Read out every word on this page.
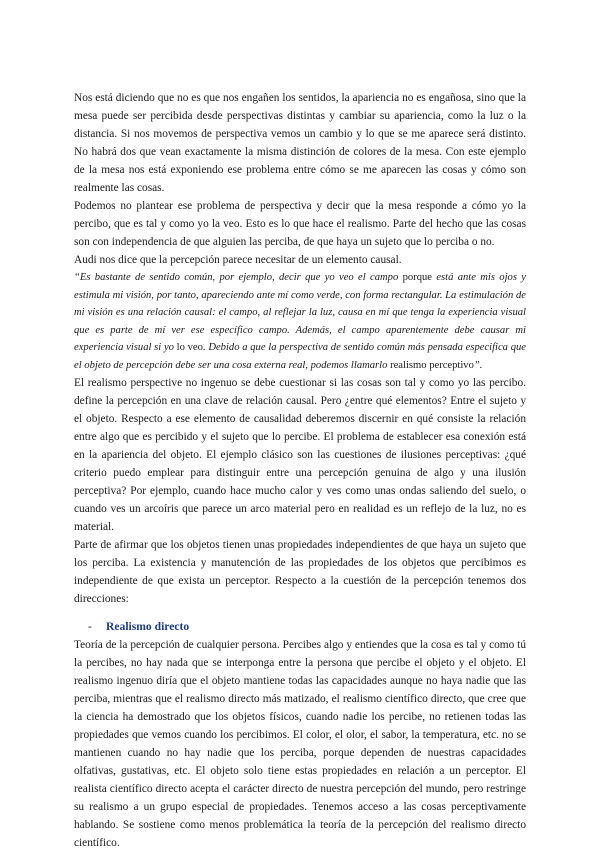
Nos está diciendo que no es que nos engañen los sentidos, la apariencia no es engañosa, sino que la mesa puede ser percibida desde perspectivas distintas y cambiar su apariencia, como la luz o la distancia. Si nos movemos de perspectiva vemos un cambio y lo que se me aparece será distinto. No habrá dos que vean exactamente la misma distinción de colores de la mesa. Con este ejemplo de la mesa nos está exponiendo ese problema entre cómo se me aparecen las cosas y cómo son realmente las cosas.

Podemos no plantear ese problema de perspectiva y decir que la mesa responde a cómo yo la percibo, que es tal y como yo la veo. Esto es lo que hace el realismo. Parte del hecho que las cosas son con independencia de que alguien las perciba, de que haya un sujeto que lo perciba o no.

Audi nos dice que la percepción parece necesitar de un elemento causal.

“Es bastante de sentido común, por ejemplo, decir que yo veo el campo porque está ante mis ojos y estimula mi visión, por tanto, apareciendo ante mí como verde, con forma rectangular. La estimulación de mi visión es una relación causal: el campo, al reflejar la luz, causa en mí que tenga la experiencia visual que es parte de mí ver ese específico campo. Además, el campo aparentemente debe causar mi experiencia visual si yo lo veo. Debido a que la perspectiva de sentido común más pensada especifica que el objeto de percepción debe ser una cosa externa real, podemos llamarlo realismo perceptivo”.

El realismo perspective no ingenuo se debe cuestionar si las cosas son tal y como yo las percibo. define la percepción en una clave de relación causal. Pero ¿entre qué elementos? Entre el sujeto y el objeto. Respecto a ese elemento de causalidad deberemos discernir en qué consiste la relación entre algo que es percibido y el sujeto que lo percibe. El problema de establecer esa conexión está en la apariencia del objeto. El ejemplo clásico son las cuestiones de ilusiones perceptivas: ¿qué criterio puedo emplear para distinguir entre una percepción genuina de algo y una ilusión perceptiva? Por ejemplo, cuando hace mucho calor y ves como unas ondas saliendo del suelo, o cuando ves un arcoíris que parece un arco material pero en realidad es un reflejo de la luz, no es material.

Parte de afirmar que los objetos tienen unas propiedades independientes de que haya un sujeto que los perciba. La existencia y manutención de las propiedades de los objetos que percibimos es independiente de que exista un perceptor. Respecto a la cuestión de la percepción tenemos dos direcciones:

-	Realismo directo

Teoría de la percepción de cualquier persona. Percibes algo y entiendes que la cosa es tal y como tú la percibes, no hay nada que se interponga entre la persona que percibe el objeto y el objeto. El realismo ingenuo diría que el objeto mantiene todas las capacidades aunque no haya nadie que las perciba, mientras que el realismo directo más matizado, el realismo científico directo, que cree que la ciencia ha demostrado que los objetos físicos, cuando nadie los percibe, no retienen todas las propiedades que vemos cuando los percibimos. El color, el olor, el sabor, la temperatura, etc. no se mantienen cuando no hay nadie que los perciba, porque dependen de nuestras capacidades olfativas, gustativas, etc. El objeto solo tiene estas propiedades en relación a un perceptor. El realista científico directo acepta el carácter directo de nuestra percepción del mundo, pero restringe su realismo a un grupo especial de propiedades. Tenemos acceso a las cosas perceptivamente hablando. Se sostiene como menos problemática la teoría de la percepción del realismo directo científico.
